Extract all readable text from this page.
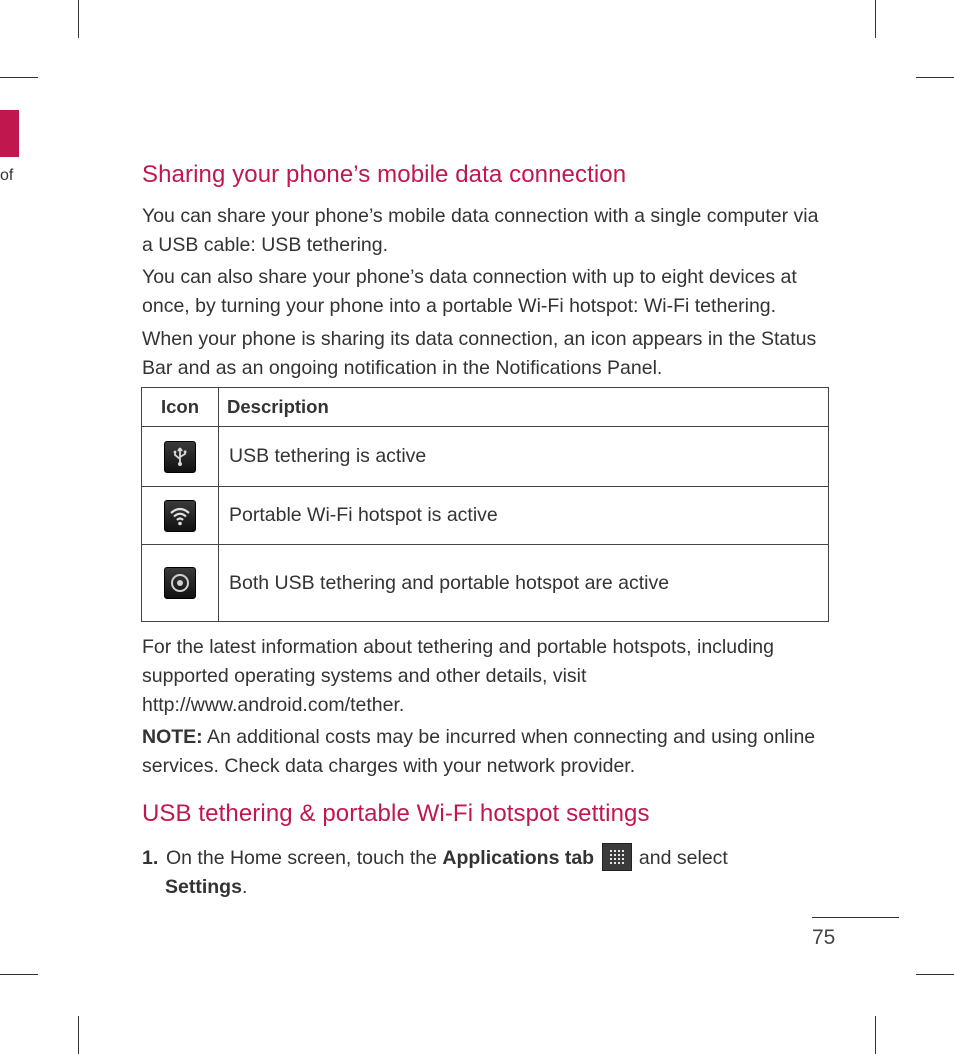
of	Sharing your phone’s mobile data connection

You can share your phone’s mobile data connection with a single computer via a USB cable: USB tethering.

You can also share your phone’s data connection with up to eight devices at once, by turning your phone into a portable Wi-Fi hotspot: Wi-Fi tethering.

When your phone is sharing its data connection, an icon appears in the Status Bar and as an ongoing notification in the Notifications Panel.

Icon	Description

	USB tethering is active

	Portable Wi-Fi hotspot is active

	Both USB tethering and portable hotspot are active

For the latest information about tethering and portable hotspots, including supported operating systems and other details, visit http://www.android.com/tether.

NOTE: An additional costs may be incurred when connecting and using online services. Check data charges with your network provider.

USB tethering & portable Wi-Fi hotspot settings
1. On the Home screen, touch the Applications tab  and select
Settings.
75
